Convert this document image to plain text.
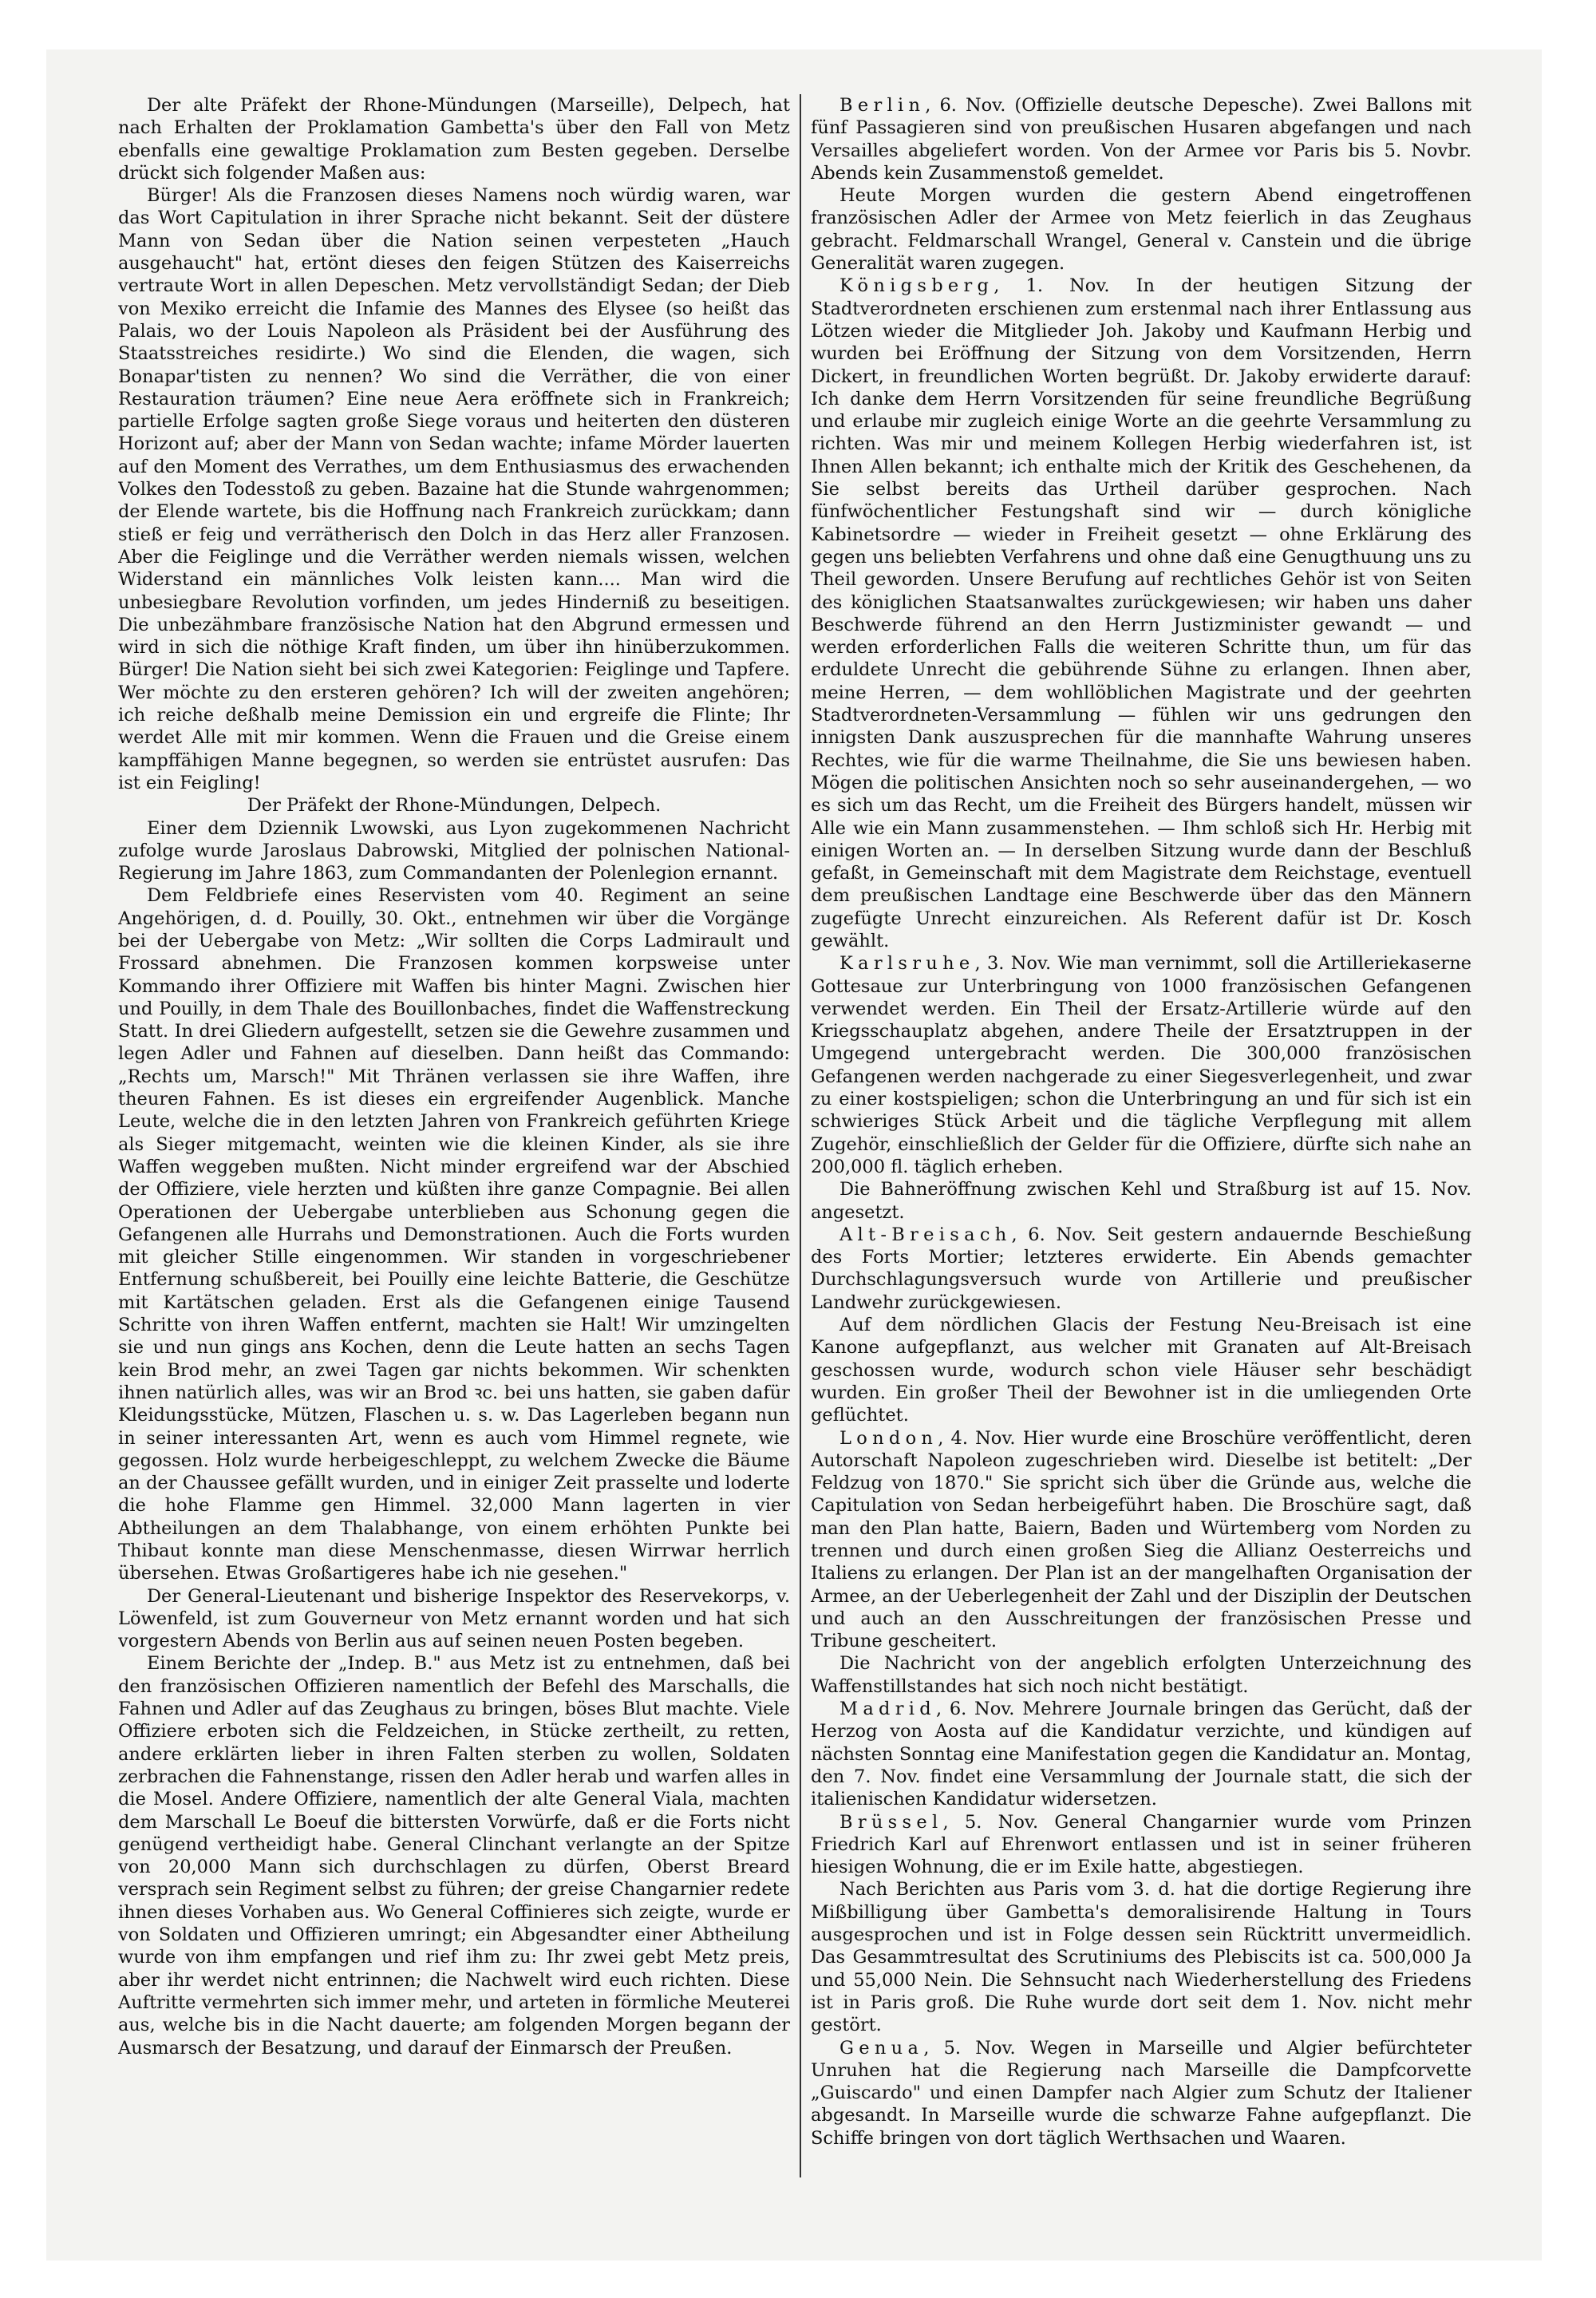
Der alte Präfekt der Rhone-Mündungen (Marseille), Delpech, hat nach Erhalten der Proklamation Gambetta's über den Fall von Metz ebenfalls eine gewaltige Proklamation zum Besten gegeben. Derselbe drückt sich folgender Maßen aus:

Bürger! Als die Franzosen dieses Namens noch würdig waren, war das Wort Capitulation in ihrer Sprache nicht bekannt. Seit der düstere Mann von Sedan über die Nation seinen verpesteten „Hauch ausgehaucht" hat, ertönt dieses den feigen Stützen des Kaiserreichs vertraute Wort in allen Depeschen. Metz vervollständigt Sedan; der Dieb von Mexiko erreicht die Infamie des Mannes des Elysee (so heißt das Palais, wo der Louis Napoleon als Präsident bei der Ausführung des Staatsstreiches residirte.) Wo sind die Elenden, die wagen, sich Bonapar'tisten zu nennen? Wo sind die Verräther, die von einer Restauration träumen? Eine neue Aera eröffnete sich in Frankreich; partielle Erfolge sagten große Siege voraus und heiterten den düsteren Horizont auf; aber der Mann von Sedan wachte; infame Mörder lauerten auf den Moment des Verrathes, um dem Enthusiasmus des erwachenden Volkes den Todesstoß zu geben. Bazaine hat die Stunde wahrgenommen; der Elende wartete, bis die Hoffnung nach Frankreich zurückkam; dann stieß er feig und verrätherisch den Dolch in das Herz aller Franzosen. Aber die Feiglinge und die Verräther werden niemals wissen, welchen Widerstand ein männliches Volk leisten kann.... Man wird die unbesiegbare Revolution vorfinden, um jedes Hinderniß zu beseitigen. Die unbezähmbare französische Nation hat den Abgrund ermessen und wird in sich die nöthige Kraft finden, um über ihn hinüberzukommen. Bürger! Die Nation sieht bei sich zwei Kategorien: Feiglinge und Tapfere. Wer möchte zu den ersteren gehören? Ich will der zweiten angehören; ich reiche deßhalb meine Demission ein und ergreife die Flinte; Ihr werdet Alle mit mir kommen. Wenn die Frauen und die Greise einem kampffähigen Manne begegnen, so werden sie entrüstet ausrufen: Das ist ein Feigling!

Der Präfekt der Rhone-Mündungen, Delpech.

Einer dem Dziennik Lwowski, aus Lyon zugekommenen Nachricht zufolge wurde Jaroslaus Dabrowski, Mitglied der polnischen National-Regierung im Jahre 1863, zum Commandanten der Polenlegion ernannt.

Dem Feldbriefe eines Reservisten vom 40. Regiment an seine Angehörigen, d. d. Pouilly, 30. Okt., entnehmen wir über die Vorgänge bei der Uebergabe von Metz: „Wir sollten die Corps Ladmirault und Frossard abnehmen. Die Franzosen kommen korpsweise unter Kommando ihrer Offiziere mit Waffen bis hinter Magni. Zwischen hier und Pouilly, in dem Thale des Bouillonbaches, findet die Waffenstreckung Statt. In drei Gliedern aufgestellt, setzen sie die Gewehre zusammen und legen Adler und Fahnen auf dieselben. Dann heißt das Commando: „Rechts um, Marsch!" Mit Thränen verlassen sie ihre Waffen, ihre theuren Fahnen. Es ist dieses ein ergreifender Augenblick. Manche Leute, welche die in den letzten Jahren von Frankreich geführten Kriege als Sieger mitgemacht, weinten wie die kleinen Kinder, als sie ihre Waffen weggeben mußten. Nicht minder ergreifend war der Abschied der Offiziere, viele herzten und küßten ihre ganze Compagnie. Bei allen Operationen der Uebergabe unterblieben aus Schonung gegen die Gefangenen alle Hurrahs und Demonstrationen. Auch die Forts wurden mit gleicher Stille eingenommen. Wir standen in vorgeschriebener Entfernung schußbereit, bei Pouilly eine leichte Batterie, die Geschütze mit Kartätschen geladen. Erst als die Gefangenen einige Tausend Schritte von ihren Waffen entfernt, machten sie Halt! Wir umzingelten sie und nun gings ans Kochen, denn die Leute hatten an sechs Tagen kein Brod mehr, an zwei Tagen gar nichts bekommen. Wir schenkten ihnen natürlich alles, was wir an Brod ꝛc. bei uns hatten, sie gaben dafür Kleidungsstücke, Mützen, Flaschen u. s. w. Das Lagerleben begann nun in seiner interessanten Art, wenn es auch vom Himmel regnete, wie gegossen. Holz wurde herbeigeschleppt, zu welchem Zwecke die Bäume an der Chaussee gefällt wurden, und in einiger Zeit prasselte und loderte die hohe Flamme gen Himmel. 32,000 Mann lagerten in vier Abtheilungen an dem Thalabhange, von einem erhöhten Punkte bei Thibaut konnte man diese Menschenmasse, diesen Wirrwar herrlich übersehen. Etwas Großartigeres habe ich nie gesehen."

Der General-Lieutenant und bisherige Inspektor des Reservekorps, v. Löwenfeld, ist zum Gouverneur von Metz ernannt worden und hat sich vorgestern Abends von Berlin aus auf seinen neuen Posten begeben.

Einem Berichte der „Indep. B." aus Metz ist zu entnehmen, daß bei den französischen Offizieren namentlich der Befehl des Marschalls, die Fahnen und Adler auf das Zeughaus zu bringen, böses Blut machte. Viele Offiziere erboten sich die Feldzeichen, in Stücke zertheilt, zu retten, andere erklärten lieber in ihren Falten sterben zu wollen, Soldaten zerbrachen die Fahnenstange, rissen den Adler herab und warfen alles in die Mosel. Andere Offiziere, namentlich der alte General Viala, machten dem Marschall Le Boeuf die bittersten Vorwürfe, daß er die Forts nicht genügend vertheidigt habe. General Clinchant verlangte an der Spitze von 20,000 Mann sich durchschlagen zu dürfen, Oberst Breard versprach sein Regiment selbst zu führen; der greise Changarnier redete ihnen dieses Vorhaben aus. Wo General Coffinieres sich zeigte, wurde er von Soldaten und Offizieren umringt; ein Abgesandter einer Abtheilung wurde von ihm empfangen und rief ihm zu: Ihr zwei gebt Metz preis, aber ihr werdet nicht entrinnen; die Nachwelt wird euch richten. Diese Auftritte vermehrten sich immer mehr, und arteten in förmliche Meuterei aus, welche bis in die Nacht dauerte; am folgenden Morgen begann der Ausmarsch der Besatzung, und darauf der Einmarsch der Preußen.

Berlin, 6. Nov. (Offizielle deutsche Depesche). Zwei Ballons mit fünf Passagieren sind von preußischen Husaren abgefangen und nach Versailles abgeliefert worden. Von der Armee vor Paris bis 5. Novbr. Abends kein Zusammenstoß gemeldet.

Heute Morgen wurden die gestern Abend eingetroffenen französischen Adler der Armee von Metz feierlich in das Zeughaus gebracht. Feldmarschall Wrangel, General v. Canstein und die übrige Generalität waren zugegen.

Königsberg, 1. Nov. In der heutigen Sitzung der Stadtverordneten erschienen zum erstenmal nach ihrer Entlassung aus Lötzen wieder die Mitglieder Joh. Jakoby und Kaufmann Herbig und wurden bei Eröffnung der Sitzung von dem Vorsitzenden, Herrn Dickert, in freundlichen Worten begrüßt. Dr. Jakoby erwiderte darauf: Ich danke dem Herrn Vorsitzenden für seine freundliche Begrüßung und erlaube mir zugleich einige Worte an die geehrte Versammlung zu richten. Was mir und meinem Kollegen Herbig wiederfahren ist, ist Ihnen Allen bekannt; ich enthalte mich der Kritik des Geschehenen, da Sie selbst bereits das Urtheil darüber gesprochen. Nach fünfwöchentlicher Festungshaft sind wir — durch königliche Kabinetsordre — wieder in Freiheit gesetzt — ohne Erklärung des gegen uns beliebten Verfahrens und ohne daß eine Genugthuung uns zu Theil geworden. Unsere Berufung auf rechtliches Gehör ist von Seiten des königlichen Staatsanwaltes zurückgewiesen; wir haben uns daher Beschwerde führend an den Herrn Justizminister gewandt — und werden erforderlichen Falls die weiteren Schritte thun, um für das erduldete Unrecht die gebührende Sühne zu erlangen. Ihnen aber, meine Herren, — dem wohllöblichen Magistrate und der geehrten Stadtverordneten-Versammlung — fühlen wir uns gedrungen den innigsten Dank auszusprechen für die mannhafte Wahrung unseres Rechtes, wie für die warme Theilnahme, die Sie uns bewiesen haben. Mögen die politischen Ansichten noch so sehr auseinandergehen, — wo es sich um das Recht, um die Freiheit des Bürgers handelt, müssen wir Alle wie ein Mann zusammenstehen. — Ihm schloß sich Hr. Herbig mit einigen Worten an. — In derselben Sitzung wurde dann der Beschluß gefaßt, in Gemeinschaft mit dem Magistrate dem Reichstage, eventuell dem preußischen Landtage eine Beschwerde über das den Männern zugefügte Unrecht einzureichen. Als Referent dafür ist Dr. Kosch gewählt.

Karlsruhe, 3. Nov. Wie man vernimmt, soll die Artilleriekaserne Gottesaue zur Unterbringung von 1000 französischen Gefangenen verwendet werden. Ein Theil der Ersatz-Artillerie würde auf den Kriegsschauplatz abgehen, andere Theile der Ersatztruppen in der Umgegend untergebracht werden. Die 300,000 französischen Gefangenen werden nachgerade zu einer Siegesverlegenheit, und zwar zu einer kostspieligen; schon die Unterbringung an und für sich ist ein schwieriges Stück Arbeit und die tägliche Verpflegung mit allem Zugehör, einschließlich der Gelder für die Offiziere, dürfte sich nahe an 200,000 fl. täglich erheben.

Die Bahneröffnung zwischen Kehl und Straßburg ist auf 15. Nov. angesetzt.

Alt-Breisach, 6. Nov. Seit gestern andauernde Beschießung des Forts Mortier; letzteres erwiderte. Ein Abends gemachter Durchschlagungsversuch wurde von Artillerie und preußischer Landwehr zurückgewiesen.

Auf dem nördlichen Glacis der Festung Neu-Breisach ist eine Kanone aufgepflanzt, aus welcher mit Granaten auf Alt-Breisach geschossen wurde, wodurch schon viele Häuser sehr beschädigt wurden. Ein großer Theil der Bewohner ist in die umliegenden Orte geflüchtet.

London, 4. Nov. Hier wurde eine Broschüre veröffentlicht, deren Autorschaft Napoleon zugeschrieben wird. Dieselbe ist betitelt: „Der Feldzug von 1870." Sie spricht sich über die Gründe aus, welche die Capitulation von Sedan herbeigeführt haben. Die Broschüre sagt, daß man den Plan hatte, Baiern, Baden und Würtemberg vom Norden zu trennen und durch einen großen Sieg die Allianz Oesterreichs und Italiens zu erlangen. Der Plan ist an der mangelhaften Organisation der Armee, an der Ueberlegenheit der Zahl und der Disziplin der Deutschen und auch an den Ausschreitungen der französischen Presse und Tribune gescheitert.

Die Nachricht von der angeblich erfolgten Unterzeichnung des Waffenstillstandes hat sich noch nicht bestätigt.

Madrid, 6. Nov. Mehrere Journale bringen das Gerücht, daß der Herzog von Aosta auf die Kandidatur verzichte, und kündigen auf nächsten Sonntag eine Manifestation gegen die Kandidatur an. Montag, den 7. Nov. findet eine Versammlung der Journale statt, die sich der italienischen Kandidatur widersetzen.

Brüssel, 5. Nov. General Changarnier wurde vom Prinzen Friedrich Karl auf Ehrenwort entlassen und ist in seiner früheren hiesigen Wohnung, die er im Exile hatte, abgestiegen.

Nach Berichten aus Paris vom 3. d. hat die dortige Regierung ihre Mißbilligung über Gambetta's demoralisirende Haltung in Tours ausgesprochen und ist in Folge dessen sein Rücktritt unvermeidlich. Das Gesammtresultat des Scrutiniums des Plebiscits ist ca. 500,000 Ja und 55,000 Nein. Die Sehnsucht nach Wiederherstellung des Friedens ist in Paris groß. Die Ruhe wurde dort seit dem 1. Nov. nicht mehr gestört.

Genua, 5. Nov. Wegen in Marseille und Algier befürchteter Unruhen hat die Regierung nach Marseille die Dampfcorvette „Guiscardo" und einen Dampfer nach Algier zum Schutz der Italiener abgesandt. In Marseille wurde die schwarze Fahne aufgepflanzt. Die Schiffe bringen von dort täglich Werthsachen und Waaren.
